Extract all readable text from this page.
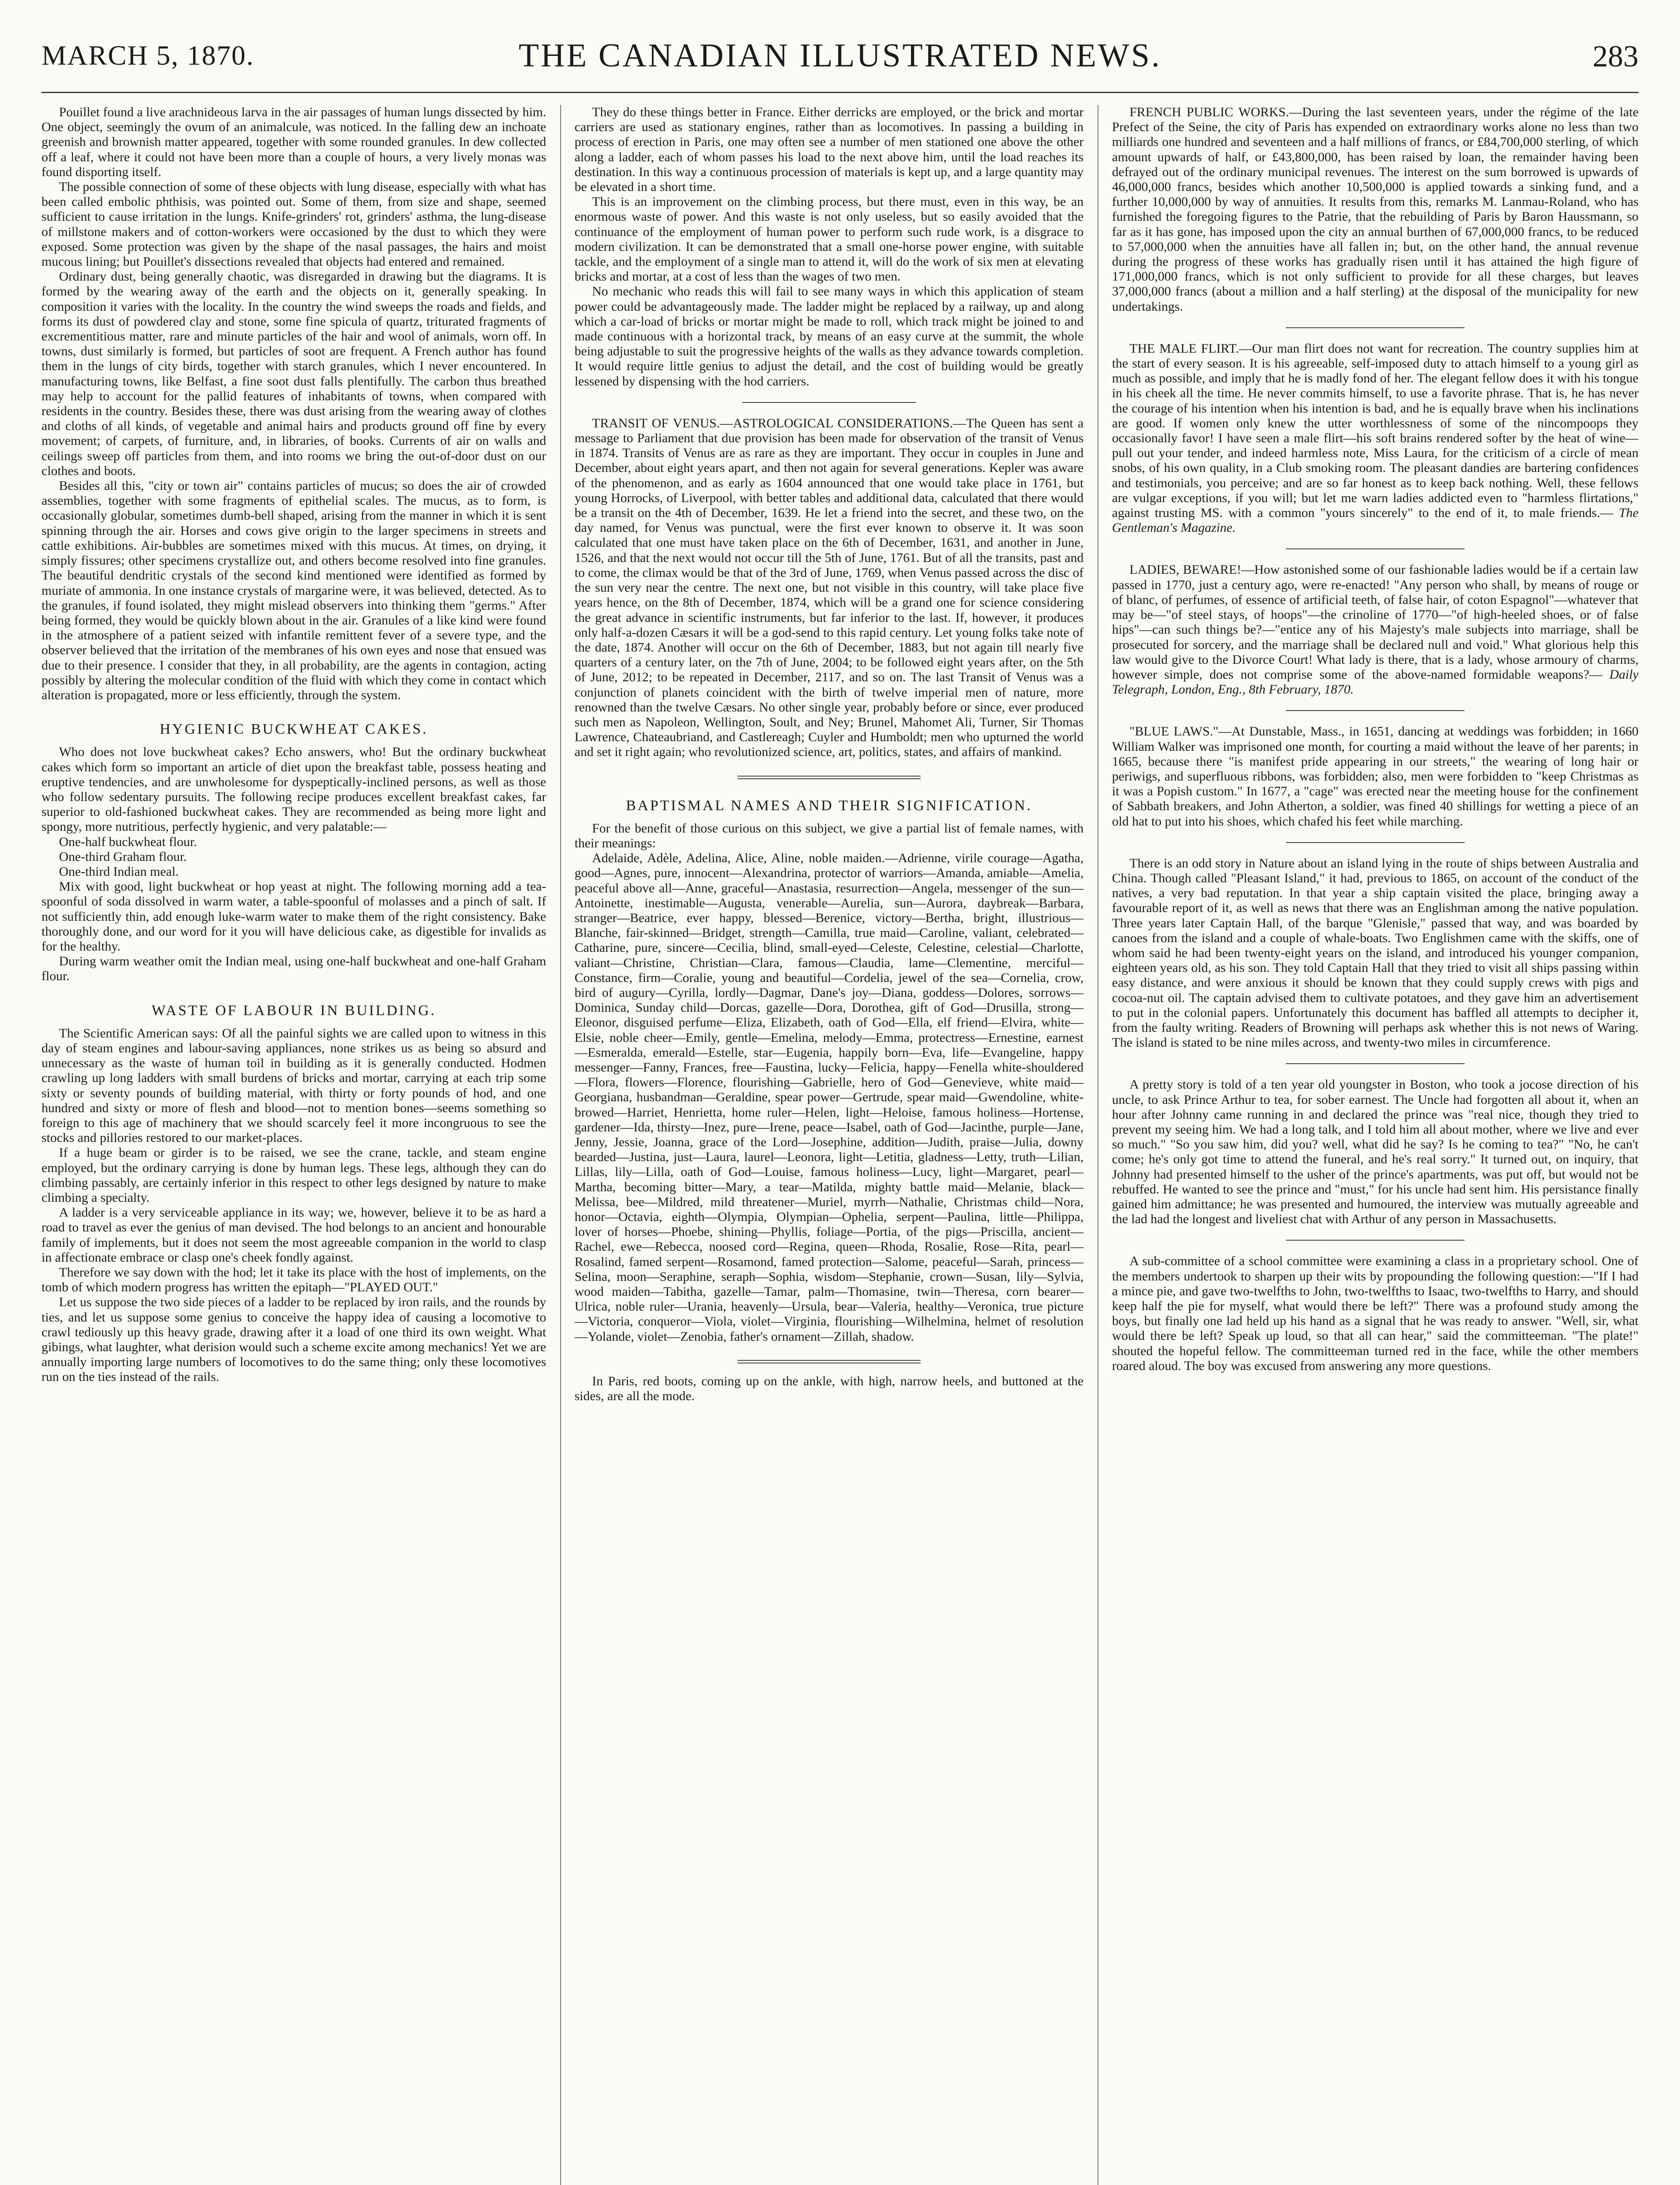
MARCH 5, 1870.	THE CANADIAN ILLUSTRATED NEWS.	283

Pouillet found a live arachnideous larva in the air passages of human lungs dissected by him. One object, seemingly the ovum of an animalcule, was noticed. In the falling dew an inchoate greenish and brownish matter appeared, together with some rounded granules. In dew collected off a leaf, where it could not have been more than a couple of hours, a very lively monas was found disporting itself.

The possible connection of some of these objects with lung disease, especially with what has been called embolic phthisis, was pointed out. Some of them, from size and shape, seemed sufficient to cause irritation in the lungs. Knife-grinders' rot, grinders' asthma, the lung-disease of millstone makers and of cotton-workers were occasioned by the dust to which they were exposed. Some protection was given by the shape of the nasal passages, the hairs and moist mucous lining; but Pouillet's dissections revealed that objects had entered and remained.

Ordinary dust, being generally chaotic, was disregarded in drawing but the diagrams. It is formed by the wearing away of the earth and the objects on it, generally speaking. In composition it varies with the locality. In the country the wind sweeps the roads and fields, and forms its dust of powdered clay and stone, some fine spicula of quartz, triturated fragments of excrementitious matter, rare and minute particles of the hair and wool of animals, worn off. In towns, dust similarly is formed, but particles of soot are frequent. A French author has found them in the lungs of city birds, together with starch granules, which I never encountered. In manufacturing towns, like Belfast, a fine soot dust falls plentifully. The carbon thus breathed may help to account for the pallid features of inhabitants of towns, when compared with residents in the country. Besides these, there was dust arising from the wearing away of clothes and cloths of all kinds, of vegetable and animal hairs and products ground off fine by every movement; of carpets, of furniture, and, in libraries, of books. Currents of air on walls and ceilings sweep off particles from them, and into rooms we bring the out-of-door dust on our clothes and boots.

Besides all this, "city or town air" contains particles of mucus; so does the air of crowded assemblies, together with some fragments of epithelial scales. The mucus, as to form, is occasionally globular, sometimes dumb-bell shaped, arising from the manner in which it is sent spinning through the air. Horses and cows give origin to the larger specimens in streets and cattle exhibitions. Air-bubbles are sometimes mixed with this mucus. At times, on drying, it simply fissures; other specimens crystallize out, and others become resolved into fine granules. The beautiful dendritic crystals of the second kind mentioned were identified as formed by muriate of ammonia. In one instance crystals of margarine were, it was believed, detected. As to the granules, if found isolated, they might mislead observers into thinking them "germs." After being formed, they would be quickly blown about in the air. Granules of a like kind were found in the atmosphere of a patient seized with infantile remittent fever of a severe type, and the observer believed that the irritation of the membranes of his own eyes and nose that ensued was due to their presence. I consider that they, in all probability, are the agents in contagion, acting possibly by altering the molecular condition of the fluid with which they come in contact which alteration is propagated, more or less efficiently, through the system.

HYGIENIC BUCKWHEAT CAKES.

Who does not love buckwheat cakes? Echo answers, who! But the ordinary buckwheat cakes which form so important an article of diet upon the breakfast table, possess heating and eruptive tendencies, and are unwholesome for dyspeptically-inclined persons, as well as those who follow sedentary pursuits. The following recipe produces excellent breakfast cakes, far superior to old-fashioned buckwheat cakes. They are recommended as being more light and spongy, more nutritious, perfectly hygienic, and very palatable:—

One-half buckwheat flour.

One-third Graham flour.

One-third Indian meal.

Mix with good, light buckwheat or hop yeast at night. The following morning add a tea-spoonful of soda dissolved in warm water, a table-spoonful of molasses and a pinch of salt. If not sufficiently thin, add enough luke-warm water to make them of the right consistency. Bake thoroughly done, and our word for it you will have delicious cake, as digestible for invalids as for the healthy.

During warm weather omit the Indian meal, using one-half buckwheat and one-half Graham flour.

WASTE OF LABOUR IN BUILDING.

The Scientific American says: Of all the painful sights we are called upon to witness in this day of steam engines and labour-saving appliances, none strikes us as being so absurd and unnecessary as the waste of human toil in building as it is generally conducted. Hodmen crawling up long ladders with small burdens of bricks and mortar, carrying at each trip some sixty or seventy pounds of building material, with thirty or forty pounds of hod, and one hundred and sixty or more of flesh and blood—not to mention bones—seems something so foreign to this age of machinery that we should scarcely feel it more incongruous to see the stocks and pillories restored to our market-places.

If a huge beam or girder is to be raised, we see the crane, tackle, and steam engine employed, but the ordinary carrying is done by human legs. These legs, although they can do climbing passably, are certainly inferior in this respect to other legs designed by nature to make climbing a specialty.

A ladder is a very serviceable appliance in its way; we, however, believe it to be as hard a road to travel as ever the genius of man devised. The hod belongs to an ancient and honourable family of implements, but it does not seem the most agreeable companion in the world to clasp in affectionate embrace or clasp one's cheek fondly against.

Therefore we say down with the hod; let it take its place with the host of implements, on the tomb of which modern progress has written the epitaph—"PLAYED OUT."

Let us suppose the two side pieces of a ladder to be replaced by iron rails, and the rounds by ties, and let us suppose some genius to conceive the happy idea of causing a locomotive to crawl tediously up this heavy grade, drawing after it a load of one third its own weight. What gibings, what laughter, what derision would such a scheme excite among mechanics! Yet we are annually importing large numbers of locomotives to do the same thing; only these locomotives run on the ties instead of the rails.

They do these things better in France. Either derricks are employed, or the brick and mortar carriers are used as stationary engines, rather than as locomotives. In passing a building in process of erection in Paris, one may often see a number of men stationed one above the other along a ladder, each of whom passes his load to the next above him, until the load reaches its destination. In this way a continuous procession of materials is kept up, and a large quantity may be elevated in a short time.

This is an improvement on the climbing process, but there must, even in this way, be an enormous waste of power. And this waste is not only useless, but so easily avoided that the continuance of the employment of human power to perform such rude work, is a disgrace to modern civilization. It can be demonstrated that a small one-horse power engine, with suitable tackle, and the employment of a single man to attend it, will do the work of six men at elevating bricks and mortar, at a cost of less than the wages of two men.

No mechanic who reads this will fail to see many ways in which this application of steam power could be advantageously made. The ladder might be replaced by a railway, up and along which a car-load of bricks or mortar might be made to roll, which track might be joined to and made continuous with a horizontal track, by means of an easy curve at the summit, the whole being adjustable to suit the progressive heights of the walls as they advance towards completion. It would require little genius to adjust the detail, and the cost of building would be greatly lessened by dispensing with the hod carriers.

TRANSIT OF VENUS.—ASTROLOGICAL CONSIDERATIONS.—The Queen has sent a message to Parliament that due provision has been made for observation of the transit of Venus in 1874. Transits of Venus are as rare as they are important. They occur in couples in June and December, about eight years apart, and then not again for several generations. Kepler was aware of the phenomenon, and as early as 1604 announced that one would take place in 1761, but young Horrocks, of Liverpool, with better tables and additional data, calculated that there would be a transit on the 4th of December, 1639. He let a friend into the secret, and these two, on the day named, for Venus was punctual, were the first ever known to observe it. It was soon calculated that one must have taken place on the 6th of December, 1631, and another in June, 1526, and that the next would not occur till the 5th of June, 1761. But of all the transits, past and to come, the climax would be that of the 3rd of June, 1769, when Venus passed across the disc of the sun very near the centre. The next one, but not visible in this country, will take place five years hence, on the 8th of December, 1874, which will be a grand one for science considering the great advance in scientific instruments, but far inferior to the last. If, however, it produces only half-a-dozen Cæsars it will be a god-send to this rapid century. Let young folks take note of the date, 1874. Another will occur on the 6th of December, 1883, but not again till nearly five quarters of a century later, on the 7th of June, 2004; to be followed eight years after, on the 5th of June, 2012; to be repeated in December, 2117, and so on. The last Transit of Venus was a conjunction of planets coincident with the birth of twelve imperial men of nature, more renowned than the twelve Cæsars. No other single year, probably before or since, ever produced such men as Napoleon, Wellington, Soult, and Ney; Brunel, Mahomet Ali, Turner, Sir Thomas Lawrence, Chateaubriand, and Castlereagh; Cuyler and Humboldt; men who upturned the world and set it right again; who revolutionized science, art, politics, states, and affairs of mankind.

BAPTISMAL NAMES AND THEIR SIGNIFICATION.

For the benefit of those curious on this subject, we give a partial list of female names, with their meanings:

Adelaide, Adèle, Adelina, Alice, Aline, noble maiden.—Adrienne, virile courage—Agatha, good—Agnes, pure, innocent—Alexandrina, protector of warriors—Amanda, amiable—Amelia, peaceful above all—Anne, graceful—Anastasia, resurrection—Angela, messenger of the sun—Antoinette, inestimable—Augusta, venerable—Aurelia, sun—Aurora, daybreak—Barbara, stranger—Beatrice, ever happy, blessed—Berenice, victory—Bertha, bright, illustrious—Blanche, fair-skinned—Bridget, strength—Camilla, true maid—Caroline, valiant, celebrated—Catharine, pure, sincere—Cecilia, blind, small-eyed—Celeste, Celestine, celestial—Charlotte, valiant—Christine, Christian—Clara, famous—Claudia, lame—Clementine, merciful—Constance, firm—Coralie, young and beautiful—Cordelia, jewel of the sea—Cornelia, crow, bird of augury—Cyrilla, lordly—Dagmar, Dane's joy—Diana, goddess—Dolores, sorrows—Dominica, Sunday child—Dorcas, gazelle—Dora, Dorothea, gift of God—Drusilla, strong—Eleonor, disguised perfume—Eliza, Elizabeth, oath of God—Ella, elf friend—Elvira, white—Elsie, noble cheer—Emily, gentle—Emelina, melody—Emma, protectress—Ernestine, earnest—Esmeralda, emerald—Estelle, star—Eugenia, happily born—Eva, life—Evangeline, happy messenger—Fanny, Frances, free—Faustina, lucky—Felicia, happy—Fenella white-shouldered—Flora, flowers—Florence, flourishing—Gabrielle, hero of God—Genevieve, white maid—Georgiana, husbandman—Geraldine, spear power—Gertrude, spear maid—Gwendoline, white-browed—Harriet, Henrietta, home ruler—Helen, light—Heloise, famous holiness—Hortense, gardener—Ida, thirsty—Inez, pure—Irene, peace—Isabel, oath of God—Jacinthe, purple—Jane, Jenny, Jessie, Joanna, grace of the Lord—Josephine, addition—Judith, praise—Julia, downy bearded—Justina, just—Laura, laurel—Leonora, light—Letitia, gladness—Letty, truth—Lilian, Lillas, lily—Lilla, oath of God—Louise, famous holiness—Lucy, light—Margaret, pearl—Martha, becoming bitter—Mary, a tear—Matilda, mighty battle maid—Melanie, black—Melissa, bee—Mildred, mild threatener—Muriel, myrrh—Nathalie, Christmas child—Nora, honor—Octavia, eighth—Olympia, Olympian—Ophelia, serpent—Paulina, little—Philippa, lover of horses—Phoebe, shining—Phyllis, foliage—Portia, of the pigs—Priscilla, ancient—Rachel, ewe—Rebecca, noosed cord—Regina, queen—Rhoda, Rosalie, Rose—Rita, pearl—Rosalind, famed serpent—Rosamond, famed protection—Salome, peaceful—Sarah, princess—Selina, moon—Seraphine, seraph—Sophia, wisdom—Stephanie, crown—Susan, lily—Sylvia, wood maiden—Tabitha, gazelle—Tamar, palm—Thomasine, twin—Theresa, corn bearer—Ulrica, noble ruler—Urania, heavenly—Ursula, bear—Valeria, healthy—Veronica, true picture—Victoria, conqueror—Viola, violet—Virginia, flourishing—Wilhelmina, helmet of resolution—Yolande, violet—Zenobia, father's ornament—Zillah, shadow.

In Paris, red boots, coming up on the ankle, with high, narrow heels, and buttoned at the sides, are all the mode.

FRENCH PUBLIC WORKS.—During the last seventeen years, under the régime of the late Prefect of the Seine, the city of Paris has expended on extraordinary works alone no less than two milliards one hundred and seventeen and a half millions of francs, or £84,700,000 sterling, of which amount upwards of half, or £43,800,000, has been raised by loan, the remainder having been defrayed out of the ordinary municipal revenues. The interest on the sum borrowed is upwards of 46,000,000 francs, besides which another 10,500,000 is applied towards a sinking fund, and a further 10,000,000 by way of annuities. It results from this, remarks M. Lanmau-Roland, who has furnished the foregoing figures to the Patrie, that the rebuilding of Paris by Baron Haussmann, so far as it has gone, has imposed upon the city an annual burthen of 67,000,000 francs, to be reduced to 57,000,000 when the annuities have all fallen in; but, on the other hand, the annual revenue during the progress of these works has gradually risen until it has attained the high figure of 171,000,000 francs, which is not only sufficient to provide for all these charges, but leaves 37,000,000 francs (about a million and a half sterling) at the disposal of the municipality for new undertakings.

THE MALE FLIRT.—Our man flirt does not want for recreation. The country supplies him at the start of every season. It is his agreeable, self-imposed duty to attach himself to a young girl as much as possible, and imply that he is madly fond of her. The elegant fellow does it with his tongue in his cheek all the time. He never commits himself, to use a favorite phrase. That is, he has never the courage of his intention when his intention is bad, and he is equally brave when his inclinations are good. If women only knew the utter worthlessness of some of the nincompoops they occasionally favor! I have seen a male flirt—his soft brains rendered softer by the heat of wine—pull out your tender, and indeed harmless note, Miss Laura, for the criticism of a circle of mean snobs, of his own quality, in a Club smoking room. The pleasant dandies are bartering confidences and testimonials, you perceive; and are so far honest as to keep back nothing. Well, these fellows are vulgar exceptions, if you will; but let me warn ladies addicted even to "harmless flirtations," against trusting MS. with a common "yours sincerely" to the end of it, to male friends.— The Gentleman's Magazine.

LADIES, BEWARE!—How astonished some of our fashionable ladies would be if a certain law passed in 1770, just a century ago, were re-enacted! "Any person who shall, by means of rouge or of blanc, of perfumes, of essence of artificial teeth, of false hair, of coton Espagnol"—whatever that may be—"of steel stays, of hoops"—the crinoline of 1770—"of high-heeled shoes, or of false hips"—can such things be?—"entice any of his Majesty's male subjects into marriage, shall be prosecuted for sorcery, and the marriage shall be declared null and void." What glorious help this law would give to the Divorce Court! What lady is there, that is a lady, whose armoury of charms, however simple, does not comprise some of the above-named formidable weapons?— Daily Telegraph, London, Eng., 8th February, 1870.

"BLUE LAWS."—At Dunstable, Mass., in 1651, dancing at weddings was forbidden; in 1660 William Walker was imprisoned one month, for courting a maid without the leave of her parents; in 1665, because there "is manifest pride appearing in our streets," the wearing of long hair or periwigs, and superfluous ribbons, was forbidden; also, men were forbidden to "keep Christmas as it was a Popish custom." In 1677, a "cage" was erected near the meeting house for the confinement of Sabbath breakers, and John Atherton, a soldier, was fined 40 shillings for wetting a piece of an old hat to put into his shoes, which chafed his feet while marching.

There is an odd story in Nature about an island lying in the route of ships between Australia and China. Though called "Pleasant Island," it had, previous to 1865, on account of the conduct of the natives, a very bad reputation. In that year a ship captain visited the place, bringing away a favourable report of it, as well as news that there was an Englishman among the native population. Three years later Captain Hall, of the barque "Glenisle," passed that way, and was boarded by canoes from the island and a couple of whale-boats. Two Englishmen came with the skiffs, one of whom said he had been twenty-eight years on the island, and introduced his younger companion, eighteen years old, as his son. They told Captain Hall that they tried to visit all ships passing within easy distance, and were anxious it should be known that they could supply crews with pigs and cocoa-nut oil. The captain advised them to cultivate potatoes, and they gave him an advertisement to put in the colonial papers. Unfortunately this document has baffled all attempts to decipher it, from the faulty writing. Readers of Browning will perhaps ask whether this is not news of Waring. The island is stated to be nine miles across, and twenty-two miles in circumference.

A pretty story is told of a ten year old youngster in Boston, who took a jocose direction of his uncle, to ask Prince Arthur to tea, for sober earnest. The Uncle had forgotten all about it, when an hour after Johnny came running in and declared the prince was "real nice, though they tried to prevent my seeing him. We had a long talk, and I told him all about mother, where we live and ever so much." "So you saw him, did you? well, what did he say? Is he coming to tea?" "No, he can't come; he's only got time to attend the funeral, and he's real sorry." It turned out, on inquiry, that Johnny had presented himself to the usher of the prince's apartments, was put off, but would not be rebuffed. He wanted to see the prince and "must," for his uncle had sent him. His persistance finally gained him admittance; he was presented and humoured, the interview was mutually agreeable and the lad had the longest and liveliest chat with Arthur of any person in Massachusetts.

A sub-committee of a school committee were examining a class in a proprietary school. One of the members undertook to sharpen up their wits by propounding the following question:—"If I had a mince pie, and gave two-twelfths to John, two-twelfths to Isaac, two-twelfths to Harry, and should keep half the pie for myself, what would there be left?" There was a profound study among the boys, but finally one lad held up his hand as a signal that he was ready to answer. "Well, sir, what would there be left? Speak up loud, so that all can hear," said the committeeman. "The plate!" shouted the hopeful fellow. The committeeman turned red in the face, while the other members roared aloud. The boy was excused from answering any more questions.
